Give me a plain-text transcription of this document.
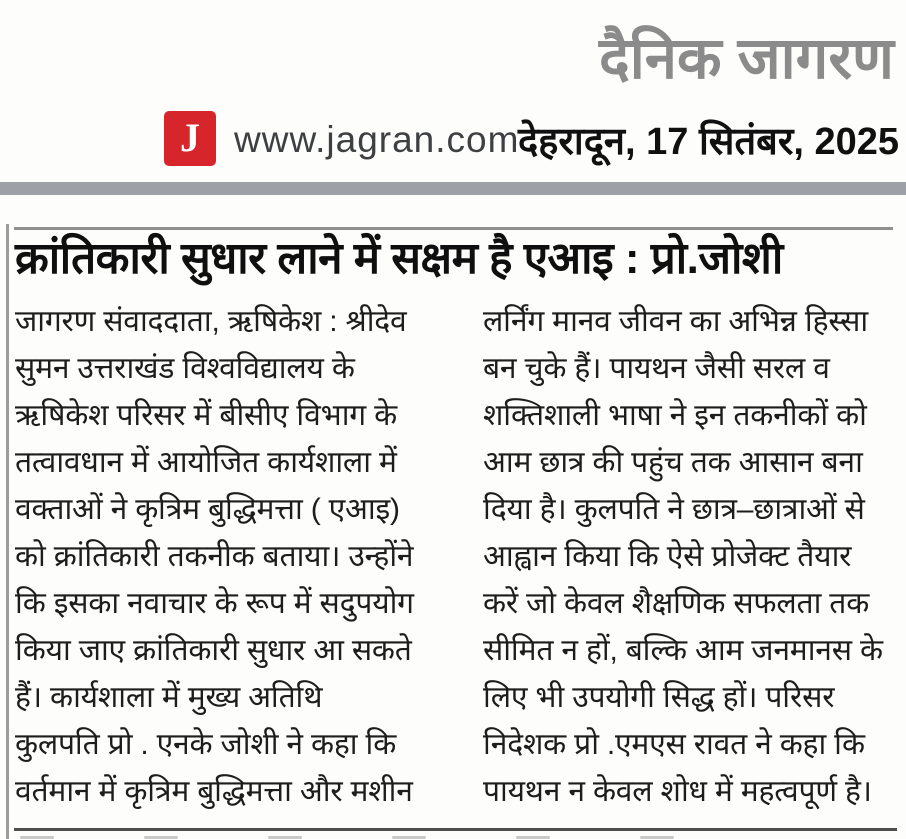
दैनिक जागरण
J www.jagran.com
देहरादून, 17 सितंबर, 2025
क्रांतिकारी सुधार लाने में सक्षम है एआइ : प्रो.जोशी
जागरण संवाददाता, ऋषिकेश : श्रीदेव
सुमन उत्तराखंड विश्वविद्यालय के
ऋषिकेश परिसर में बीसीए विभाग के
तत्वावधान में आयोजित कार्यशाला में
वक्ताओं ने कृत्रिम बुद्धिमत्ता ( एआइ)
को क्रांतिकारी तकनीक बताया। उन्होंने
कि इसका नवाचार के रूप में सदुपयोग
किया जाए क्रांतिकारी सुधार आ सकते
हैं। कार्यशाला में मुख्य अतिथि
कुलपति प्रो . एनके जोशी ने कहा कि
वर्तमान में कृत्रिम बुद्धिमत्ता और मशीन
लर्निंग मानव जीवन का अभिन्न हिस्सा
बन चुके हैं। पायथन जैसी सरल व
शक्तिशाली भाषा ने इन तकनीकों को
आम छात्र की पहुंच तक आसान बना
दिया है। कुलपति ने छात्र–छात्राओं से
आह्वान किया कि ऐसे प्रोजेक्ट तैयार
करें जो केवल शैक्षणिक सफलता तक
सीमित न हों, बल्कि आम जनमानस के
लिए भी उपयोगी सिद्ध हों। परिसर
निदेशक प्रो .एमएस रावत ने कहा कि
पायथन न केवल शोध में महत्वपूर्ण है।
